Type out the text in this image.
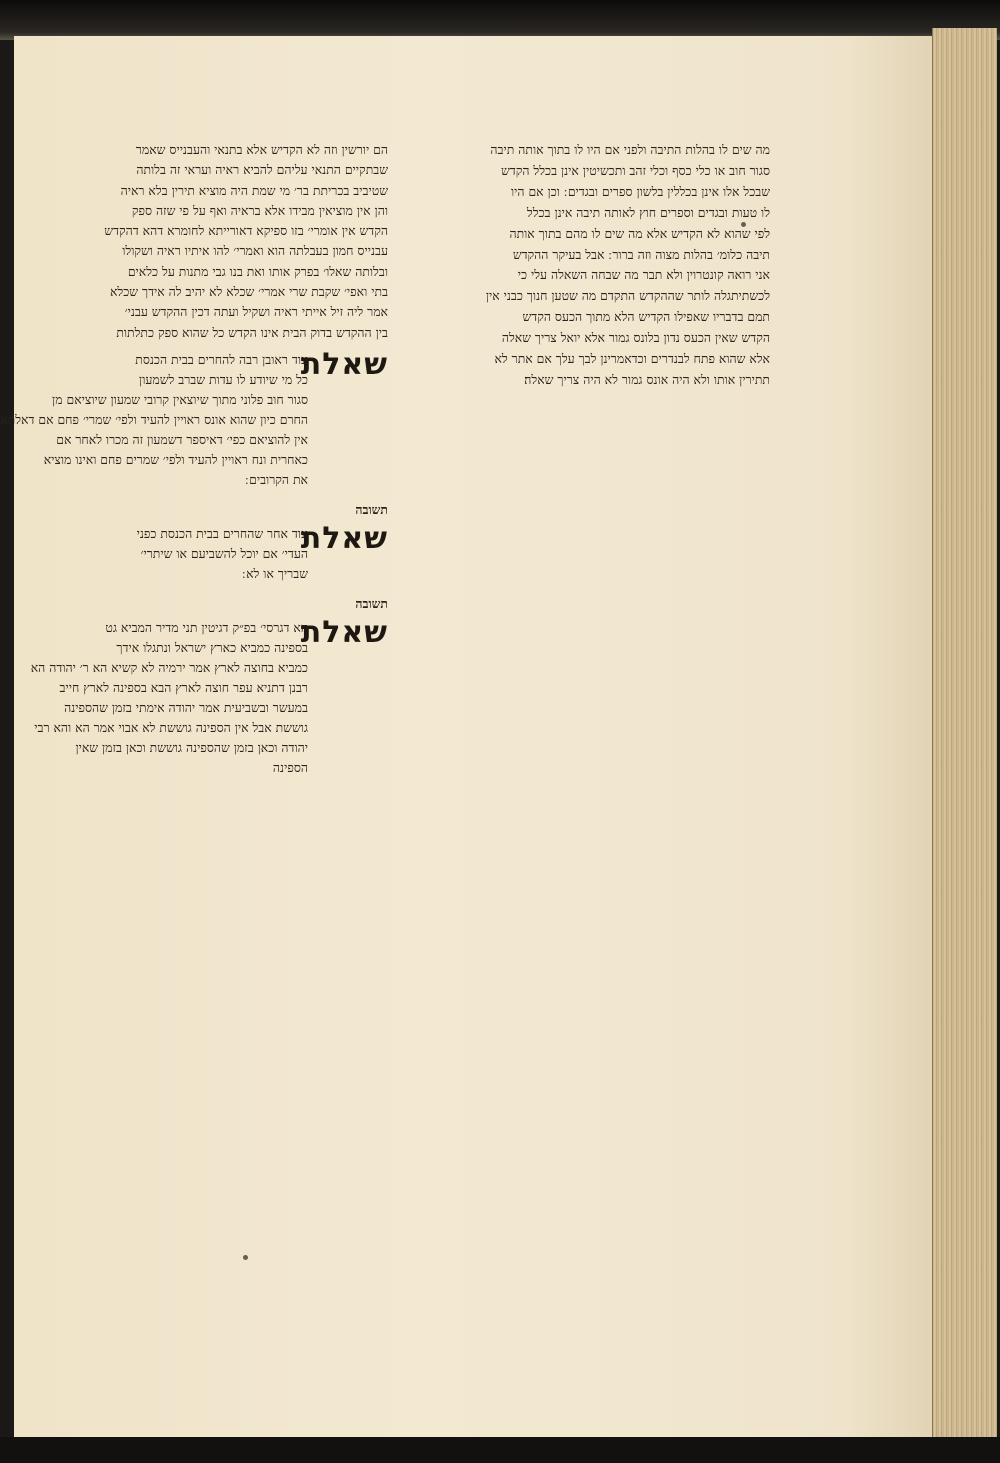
מה שים לו בהלות התיבה ולפני אם היו לו בתוך אותה תיבה
סגור חוב או כלי כסף וכלי זהב ותכשיטין אינן בכלל הקדש
שבכל אלו אינן בכללין בלשון ספרים ובגדים ׃ וכן אם היו
לו טעות ובגדים וספרים חוץ לאותה תיבה אינן בכלל
לפי שהוא לא הקדיש אלא מה שים לו מהם בתוך אותה
תיבה כלומ׳ בהלות מצוה וזה ברור ׃ אבל בעיקר ההקדש
אני רואה קונטרוין ולא תבר מה שבחה השאלה עלי כי
לכשתיתגלה לותר שההקדש התקדם מה שטען חנוך כבני אין
תמם בדבריו שאפילו הקדיש הלא מתוך הכעס הקדש
הקדש שאין הכעס נדון בלונס גמור אלא יואל צריך שאלה
אלא שהוא פתח לבנדרים וכדאמרינן לבך עלך אם אתר לא
תתירין אותו ולא היה אונס גמור לא היה צריך שאלה׃
הם יורשין וזה לא הקדיש אלא בתנאי והעבנייס שאמר
שבתקיים התנאי עליהם להביא ראיה ועראי זה בלותה
שטיביב בכריתת בר׳ מי שמת היה מוציא תירין בלא ראיה
והן אין מוציאין מבידו אלא בראיה ואף על פי שזה ספק
הקדש אין אומרי׳ בזו ספיקא דאורייתא לחומרא דהא דהקדש
עבנייס חמון בעבלתה הוא ואמרי׳ להו איתיו ראיה ושקולו
ובלותה שאלו׳ בפרק אותו ואת בנו גבי מתנות על כלאים
בתי ואפי׳ שקבת שרי אמרי׳ שכלא לא יהיב לה אידך שכלא
אמר ליה זיל אייתי ראיה ושקיל ועתה דכין ההקדש עבני׳
בין ההקדש בדוק הבית אינו הקדש כל שהוא ספק כתלתות
שאלת
עוד ראובן רבה להחרים בבית הכנסת
כל מי שיודע לו עדות שברב לשמעון
סגור חוב פלוני מתוך שיוצאין קרובי שמעון שיוציאם מן
החרם כיון שהוא אונס ראויין להעיד ולפי׳ שמרי׳ פחם אם דאלתא
אין להוציאם כפי׳ דאיספר דשמעון זה מכרו לאחר אם
כאחרית ונח ראויין להעיד ולפי׳ שמרים פחם ואינו מוציא
את הקרובים ׃
תשובה
שאלת
עוד אחר שהחרים בבית הכנסת כפני
העדי׳ אם יוכל להשביעם או שיתרי׳
שבריך או לא ׃
תשובה
שאלת
הא דגרסי׳ בפ״ק דגיטין תני מדיר המביא גט
בספינה כמביא כארץ ישראל ונתגלו אידך
כמביא בחוצה לארץ אמר ירמיה לא קשיא הא ר׳ יהודה הא
רבנן דתניא עפר חוצה לארץ הבא בספינה לארץ חייב
במעשר ובשביעית אמר יהודה אימתי בזמן שהספינה
גוששת אבל אין הספינה גוששת לא אבוי אמר הא והא רבי
יהודה וכאן בזמן שהספינה גוששת וכאן בזמן שאין
הספינה
